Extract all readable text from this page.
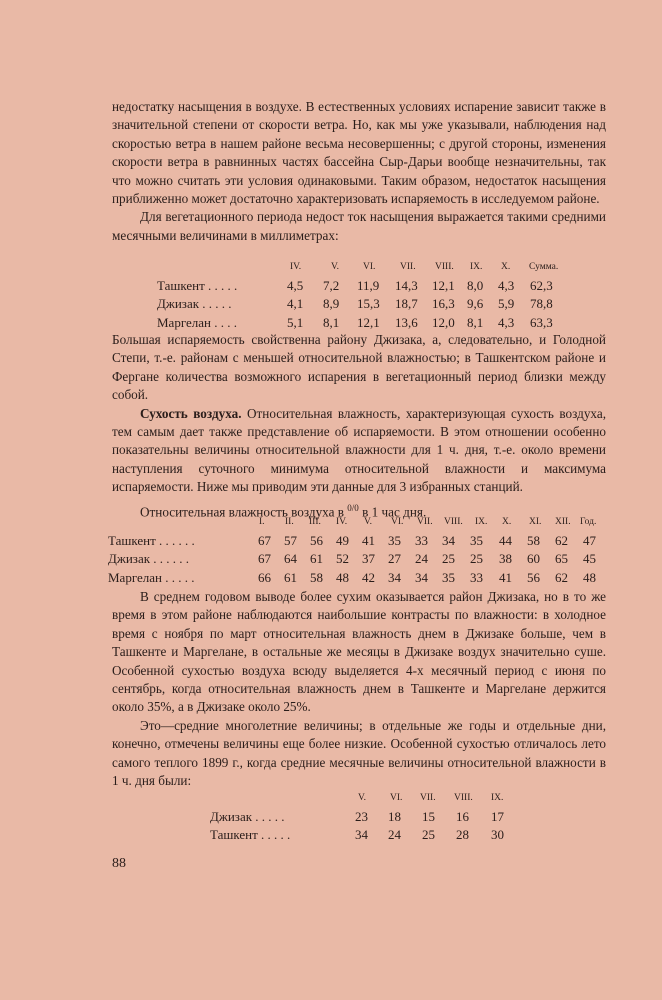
недостатку насыщения в воздухе. В естественных условиях испарение зависит также в значительной степени от скорости ветра. Но, как мы уже указывали, наблюдения над скоростью ветра в нашем районе весьма несовершенны; с другой стороны, изменения скорости ветра в равнинных частях бассейна Сыр-Дарьи вообще незначительны, так что можно считать эти условия одинаковыми. Таким образом, недостаток насыщения приближенно может достаточно характеризовать испаряемость в исследуемом районе.

Для вегетационного периода недост ток насыщения выражается такими средними месячными величинами в миллиметрах:

IV.	V.	VI.	VII. VIII. IX. X. Сумма.
Ташкент . . . . .	4,5 7,2 11,9 14,3 12,1 8,0 4,3 62,3
Джизак . . . . .	4,1 8,9 15,3 18,7 16,3 9,6 5,9 78,8
Маргелан . . . .	5,1 8,1 12,1 13,6 12,0 8,1 4,3 63,3

Большая испаряемость свойственна району Джизака, а, следовательно, и Голодной Степи, т.-е. районам с меньшей относительной влажностью; в Ташкентском районе и Фергане количества возможного испарения в вегетационный период близки между собой.

Сухость воздуха. Относительная влажность, характеризующая сухость воздуха, тем самым дает также представление об испаряемости. В этом отношении особенно показательны величины относительной влажности для 1 ч. дня, т.-е. около времени наступления суточного минимума относительной влажности и максимума испаряемости. Ниже мы приводим эти данные для 3 избранных станций.

Относительная влажность воздуха в $^{0/0}$ в 1 час дня.
I. II. III. IV. V. VI. VII. VIII. IX. X. XI. XII. Год.
Ташкент . . . . . .	67 57 56 49 41 35 33 34 35 44 58 62 47
Джизак . . . . . .	67 64 61 52 37 27 24 25 25 38 60 65 45
Маргелан . . . . .	66 61 58 48 42 34 34 35 33 41 56 62 48

В среднем годовом выводе более сухим оказывается район Джизака, но в то же время в этом районе наблюдаются наибольшие контрасты по влажности: в холодное время с ноября по март относительная влажность днем в Джизаке больше, чем в Ташкенте и Маргелане, в остальные же месяцы в Джизаке воздух значительно суше. Особенной сухостью воздуха всюду выделяется 4-х месячный период с июня по сентябрь, когда относительная влажность днем в Ташкенте и Маргелане держится около 35%, а в Джизаке около 25%.

Это—средние многолетние величины; в отдельные же годы и отдельные дни, конечно, отмечены величины еще более низкие. Особенной сухостью отличалось лето самого теплого 1899 г., когда средние месячные величины относительной влажности в 1 ч. дня были:

V.	VI. VII. VIII. IX.
Джизак . . . . .	23 18 15 16 17
Ташкент . . . . .	34 24 25 28 30
88
